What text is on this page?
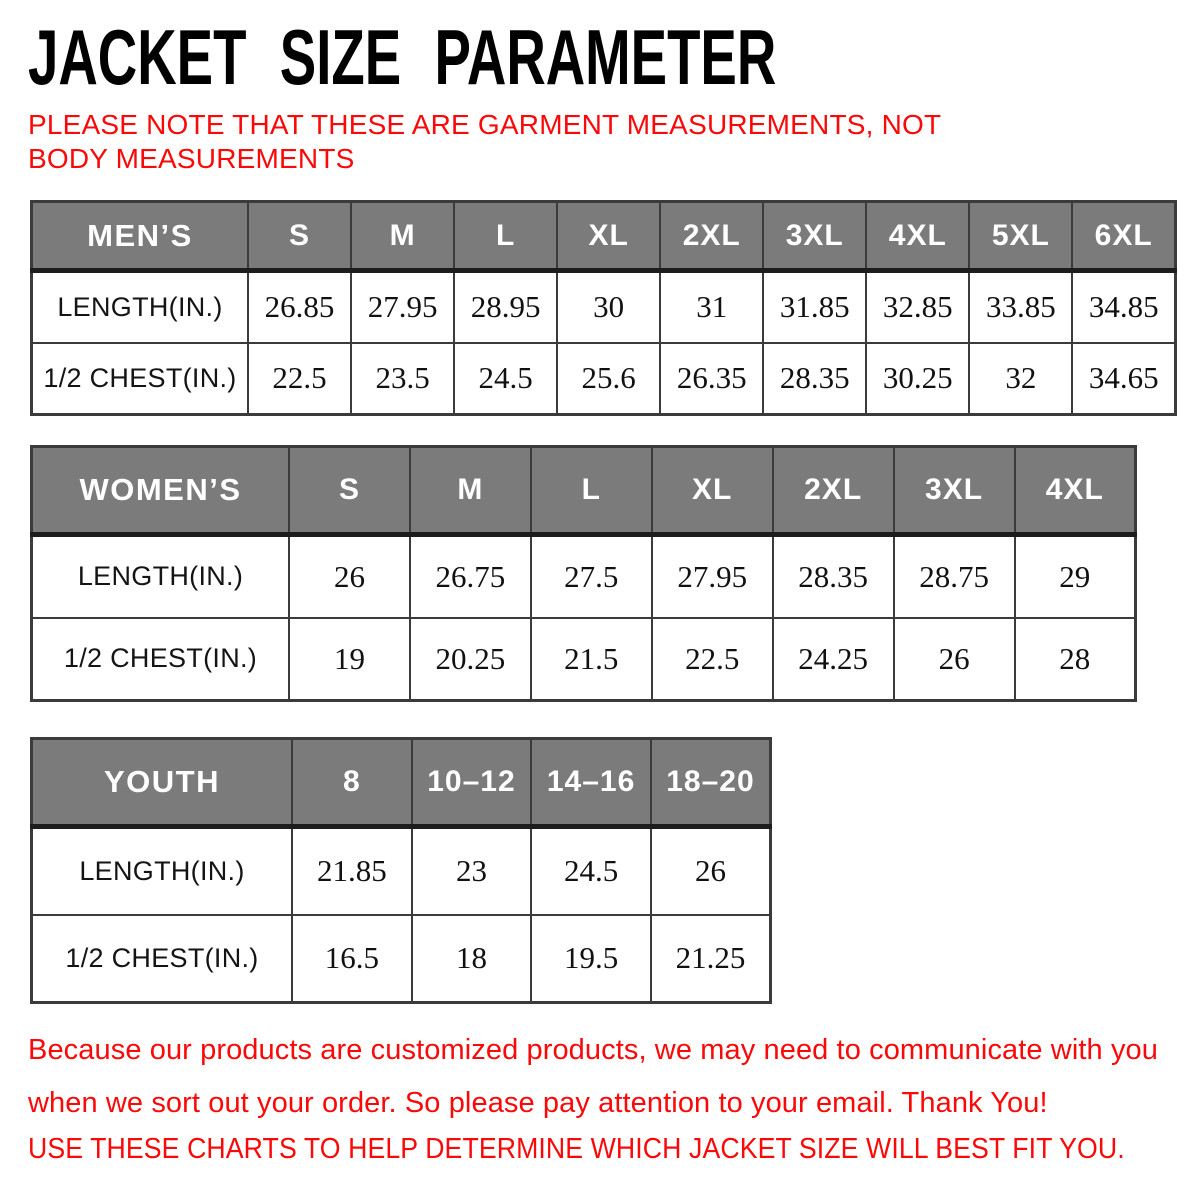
JACKET SIZE PARAMETER
PLEASE NOTE THAT THESE ARE GARMENT MEASUREMENTS, NOT BODY MEASUREMENTS
MEN’S	S	M	L	XL	2XL	3XL	4XL	5XL	6XL
LENGTH(IN.)	26.85	27.95	28.95	30	31	31.85	32.85	33.85	34.85
1/2 CHEST(IN.)	22.5	23.5	24.5	25.6	26.35	28.35	30.25	32	34.65
WOMEN’S	S	M	L	XL	2XL	3XL	4XL
LENGTH(IN.)	26	26.75	27.5	27.95	28.35	28.75	29
1/2 CHEST(IN.)	19	20.25	21.5	22.5	24.25	26	28
YOUTH	8	10–12	14–16	18–20
LENGTH(IN.)	21.85	23	24.5	26
1/2 CHEST(IN.)	16.5	18	19.5	21.25
Because our products are customized products, we may need to communicate with you when we sort out your order. So please pay attention to your email. Thank You!
USE THESE CHARTS TO HELP DETERMINE WHICH JACKET SIZE WILL BEST FIT YOU.
